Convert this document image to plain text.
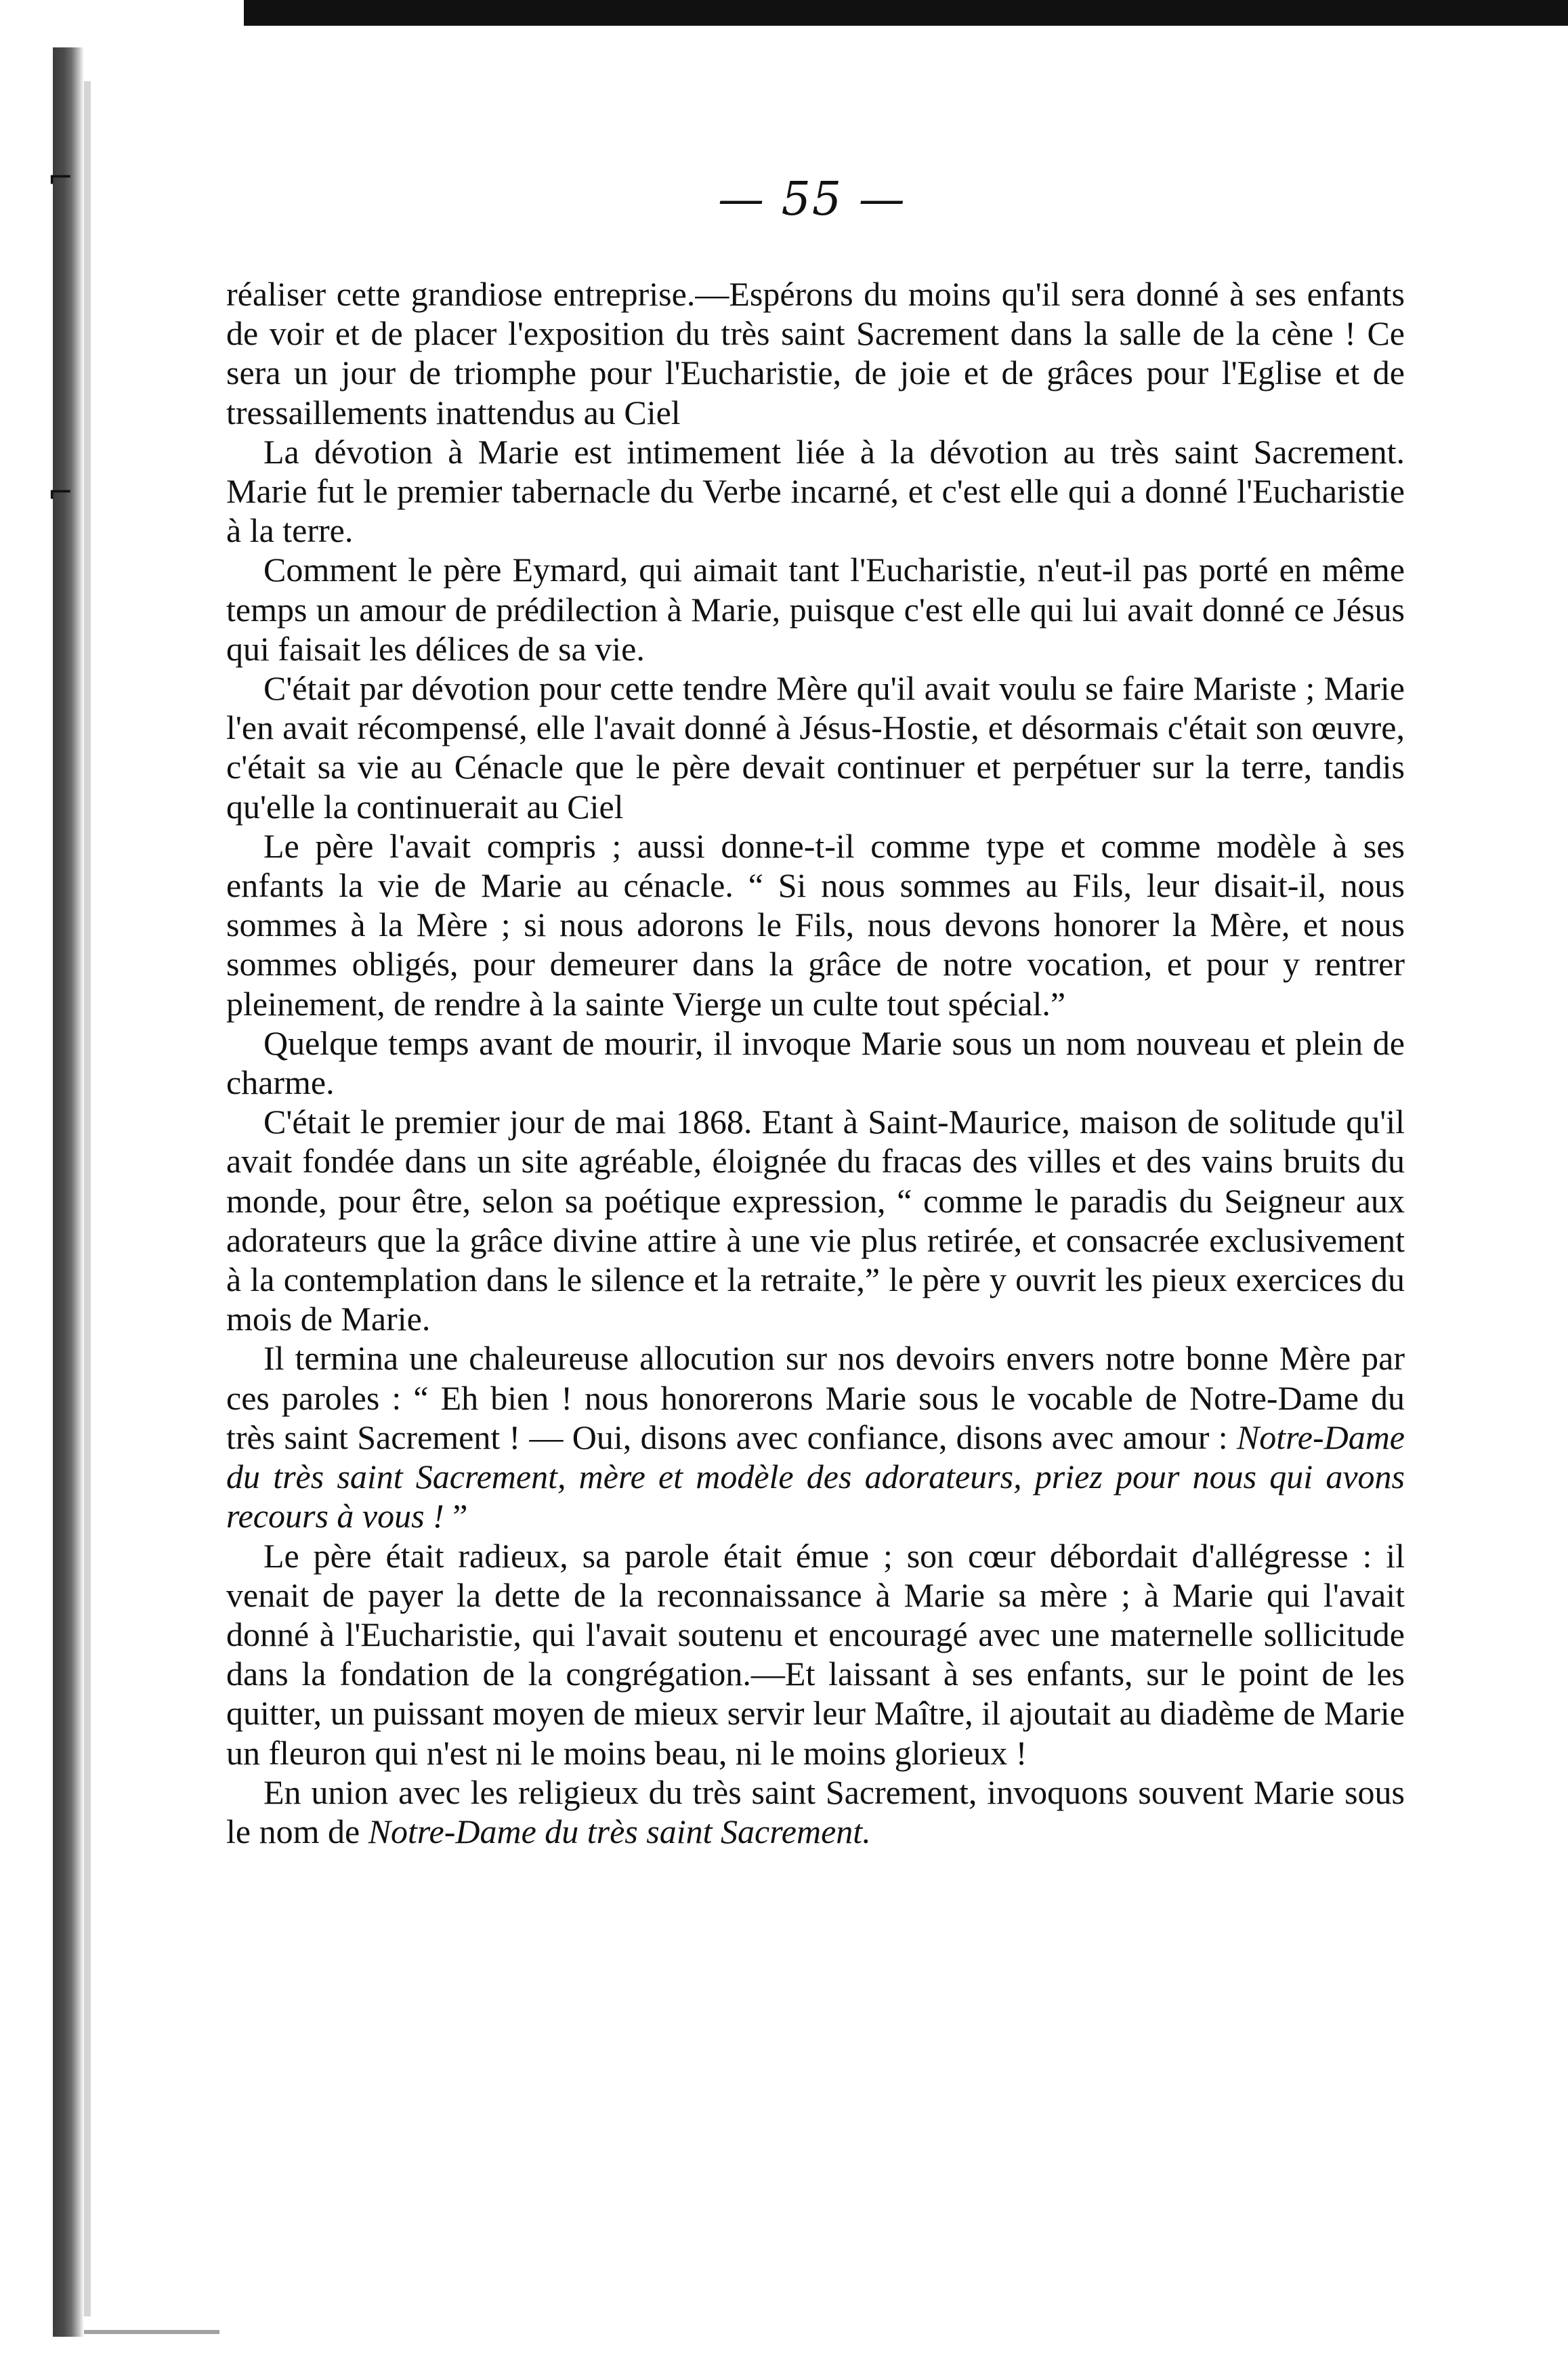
⌐
⌐
— 55 —

réaliser cette grandiose entreprise.—Espérons du moins qu'il sera donné à ses enfants de voir et de placer l'exposition du très saint Sacrement dans la salle de la cène ! Ce sera un jour de triomphe pour l'Eucharistie, de joie et de grâces pour l'Eglise et de tressaillements inattendus au Ciel

La dévotion à Marie est intimement liée à la dévotion au très saint Sacrement. Marie fut le premier tabernacle du Verbe incarné, et c'est elle qui a donné l'Eucharistie à la terre.

Comment le père Eymard, qui aimait tant l'Eucharistie, n'eut-il pas porté en même temps un amour de prédilection à Marie, puisque c'est elle qui lui avait donné ce Jésus qui faisait les délices de sa vie.

C'était par dévotion pour cette tendre Mère qu'il avait voulu se faire Mariste ; Marie l'en avait récompensé, elle l'avait donné à Jésus-Hostie, et désormais c'était son œuvre, c'était sa vie au Cénacle que le père devait continuer et perpétuer sur la terre, tandis qu'elle la continuerait au Ciel

Le père l'avait compris ; aussi donne-t-il comme type et comme modèle à ses enfants la vie de Marie au cénacle. “ Si nous sommes au Fils, leur disait-il, nous sommes à la Mère ; si nous adorons le Fils, nous devons honorer la Mère, et nous sommes obligés, pour demeurer dans la grâce de notre vocation, et pour y rentrer pleinement, de rendre à la sainte Vierge un culte tout spécial.”

Quelque temps avant de mourir, il invoque Marie sous un nom nouveau et plein de charme.

C'était le premier jour de mai 1868. Etant à Saint-Maurice, maison de solitude qu'il avait fondée dans un site agréable, éloignée du fracas des villes et des vains bruits du monde, pour être, selon sa poétique expression, “ comme le paradis du Seigneur aux adorateurs que la grâce divine attire à une vie plus retirée, et consacrée exclusivement à la contemplation dans le silence et la retraite,” le père y ouvrit les pieux exercices du mois de Marie.

Il termina une chaleureuse allocution sur nos devoirs envers notre bonne Mère par ces paroles : “ Eh bien ! nous honorerons Marie sous le vocable de Notre-Dame du très saint Sacrement ! — Oui, disons avec confiance, disons avec amour : Notre-Dame du très saint Sacrement, mère et modèle des adorateurs, priez pour nous qui avons recours à vous ! ”

Le père était radieux, sa parole était émue ; son cœur débordait d'allégresse : il venait de payer la dette de la reconnaissance à Marie sa mère ; à Marie qui l'avait donné à l'Eucharistie, qui l'avait soutenu et encouragé avec une maternelle sollicitude dans la fondation de la congrégation.—Et laissant à ses enfants, sur le point de les quitter, un puissant moyen de mieux servir leur Maître, il ajoutait au diadème de Marie un fleuron qui n'est ni le moins beau, ni le moins glorieux !

En union avec les religieux du très saint Sacrement, invoquons souvent Marie sous le nom de Notre-Dame du très saint Sacrement.
